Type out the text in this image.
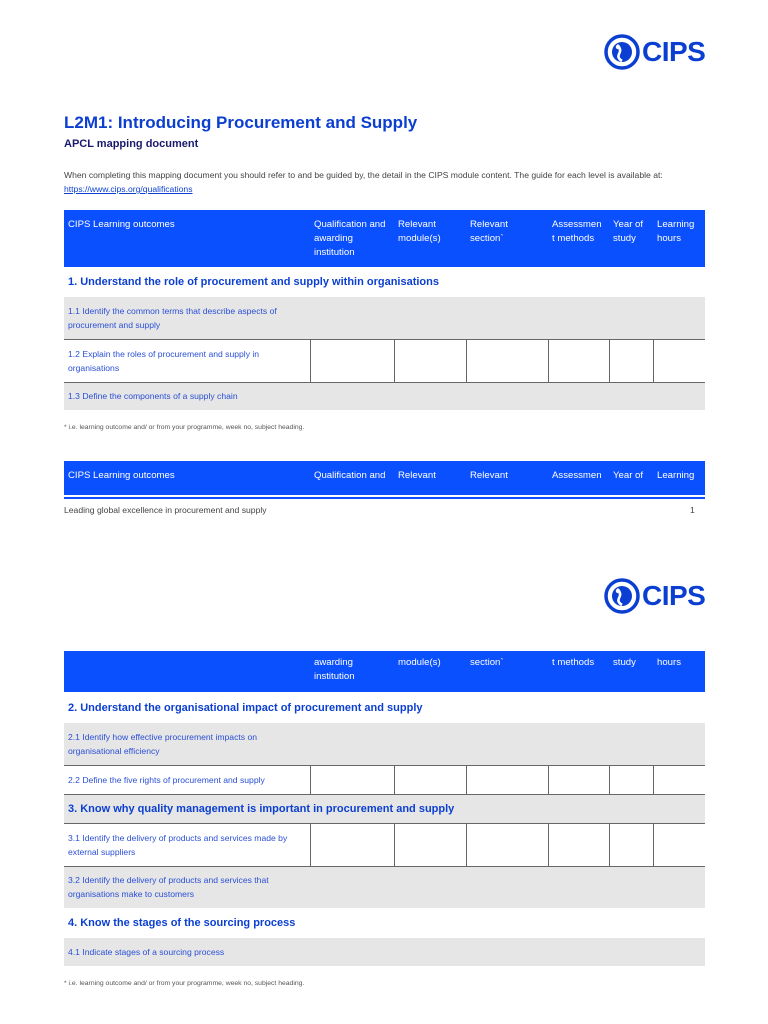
CIPS
L2M1: Introducing Procurement and Supply
APCL mapping document
When completing this mapping document you should refer to and be guided by, the detail in the CIPS module content. The guide for each level is available at: https://www.cips.org/qualifications
CIPS Learning outcomes	Qualification and awarding institution	Relevant module(s)	Relevant section`	Assessmen t methods	Year of study	Learning hours
1. Understand the role of procurement and supply within organisations						
1.1 Identify the common terms that describe aspects of procurement and supply						
1.2 Explain the roles of procurement and supply in organisations						
1.3 Define the components of a supply chain						
* i.e. learning outcome and/ or from your programme, week no, subject heading.
CIPS Learning outcomes	Qualification and	Relevant	Relevant	Assessmen	Year of	Learning
Leading global excellence in procurement and supply	1
CIPS
	awarding institution	module(s)	section`	t methods	study	hours
2. Understand the organisational impact of procurement and supply						
2.1 Identify how effective procurement impacts on organisational efficiency						
2.2 Define the five rights of procurement and supply						
3. Know why quality management is important in procurement and supply						
3.1 Identify the delivery of products and services made by external suppliers						
3.2 Identify the delivery of products and services that organisations make to customers						
4. Know the stages of the sourcing process						
4.1 Indicate stages of a sourcing process						
* i.e. learning outcome and/ or from your programme, week no, subject heading.
